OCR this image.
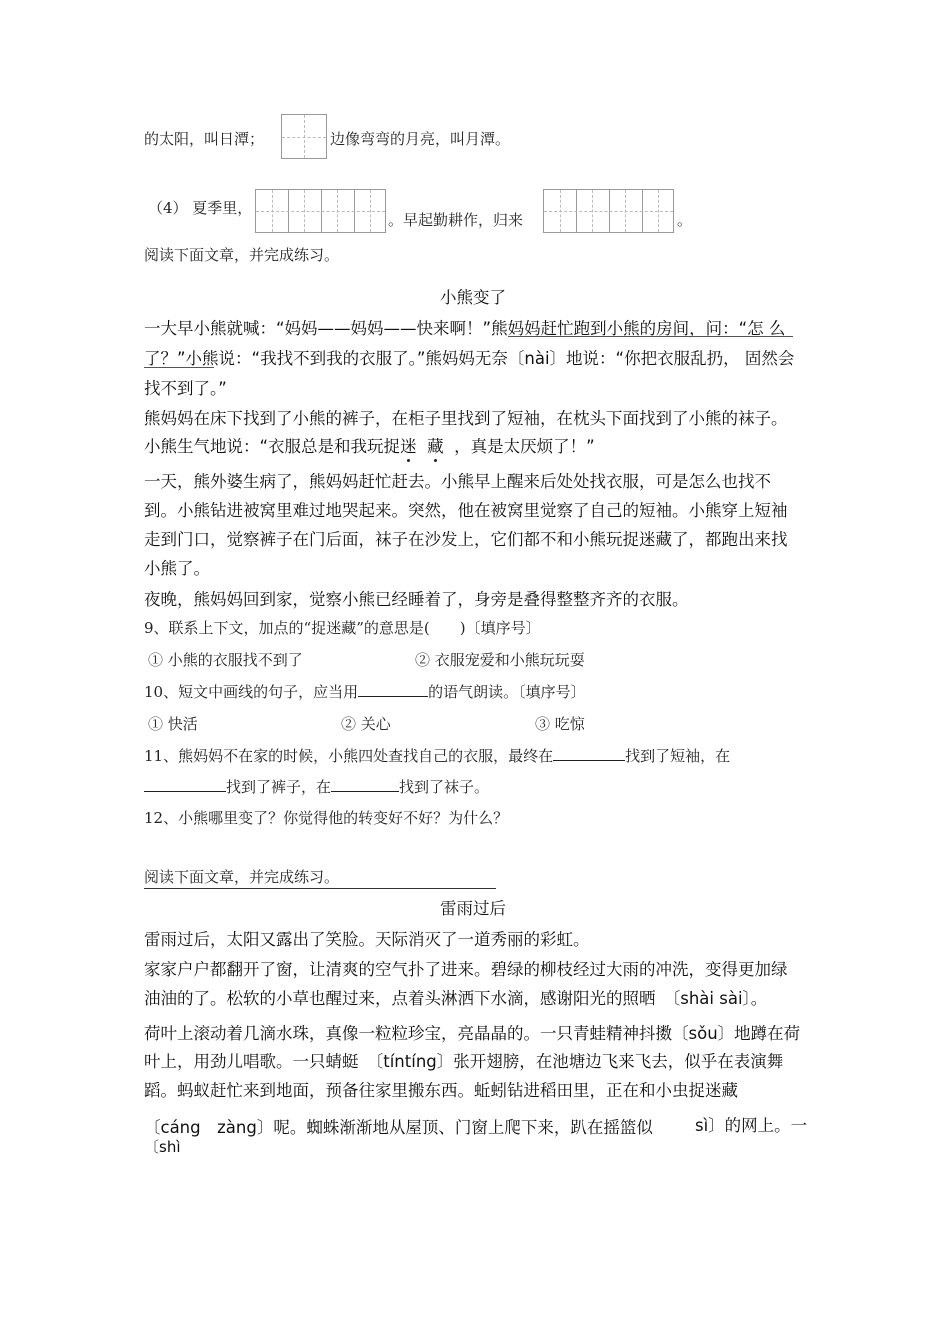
的太阳，叫日潭；	边像弯弯的月亮，叫月潭。
（4） 夏季里，
。早起勤耕作，归来	。
阅读下面文章，并完成练习。
小熊变了
一大早小熊就喊：“妈妈——妈妈——快来啊！”熊妈妈赶忙跑到小熊的房间，问：“怎 么
了？”小熊说：“我找不到我的衣服了。”熊妈妈无奈〔nài〕地说：“你把衣服乱扔， 固然会
找不到了。”
熊妈妈在床下找到了小熊的裤子，在柜子里找到了短袖，在枕头下面找到了小熊的袜子。
小熊生气地说：“衣服总是和我玩捉迷 藏 ，真是太厌烦了！”
一天，熊外婆生病了，熊妈妈赶忙赶去。小熊早上醒来后处处找衣服，可是怎么也找不
到。小熊钻进被窝里难过地哭起来。突然，他在被窝里觉察了自己的短袖。小熊穿上短袖
走到门口，觉察裤子在门后面，袜子在沙发上，它们都不和小熊玩捉迷藏了，都跑出来找
小熊了。
夜晚，熊妈妈回到家，觉察小熊已经睡着了，身旁是叠得整整齐齐的衣服。
9、联系上下文，加点的“捉迷藏”的意思是(　　)〔填序号〕
① 小熊的衣服找不到了	② 衣服宠爱和小熊玩玩耍
10、短文中画线的句子，应当用	的语气朗读。〔填序号〕
① 快活	② 关心	③ 吃惊
11、熊妈妈不在家的时候，小熊四处查找自己的衣服，最终在	找到了短袖，在
找到了裤子，在	找到了袜子。
12、小熊哪里变了？你觉得他的转变好不好？为什么？
阅读下面文章，并完成练习。
雷雨过后
雷雨过后，太阳又露出了笑脸。天际消灭了一道秀丽的彩虹。
家家户户都翻开了窗，让清爽的空气扑了进来。碧绿的柳枝经过大雨的冲洗，变得更加绿
油油的了。松软的小草也醒过来，点着头淋洒下水滴，感谢阳光的照晒　〔shài sài〕。
荷叶上滚动着几滴水珠，真像一粒粒珍宝，亮晶晶的。一只青蛙精神抖擞〔sǒu〕地蹲在荷
叶上，用劲儿唱歌。一只蜻蜓　〔tíntíng〕张开翅膀，在池塘边飞来飞去，似乎在表演舞
蹈。蚂蚁赶忙来到地面，预备往家里搬东西。蚯蚓钻进稻田里，正在和小虫捉迷藏
〔cáng　zàng〕呢。蜘蛛渐渐地从屋顶、门窗上爬下来，趴在摇篮似	sì〕的网上。一
〔shì
